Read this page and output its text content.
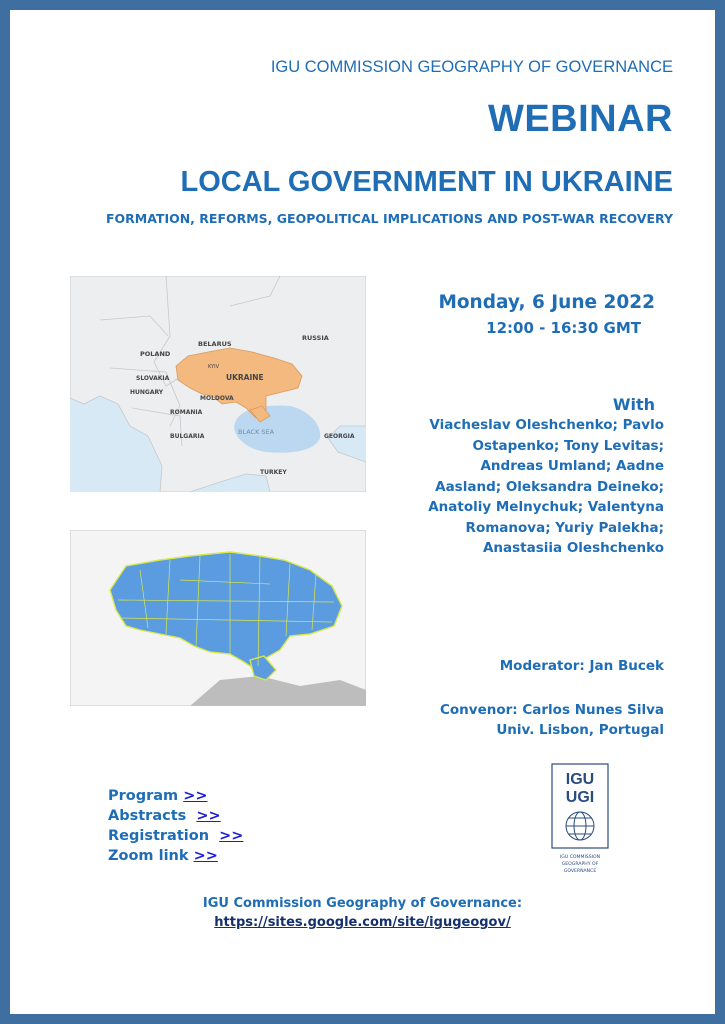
IGU COMMISSION GEOGRAPHY OF GOVERNANCE
WEBINAR
LOCAL GOVERNMENT IN UKRAINE
FORMATION, REFORMS, GEOPOLITICAL IMPLICATIONS AND POST-WAR RECOVERY
RUSSIA
BELARUS
POLAND
KYIV
UKRAINE
SLOVAKIA
HUNGARY
MOLDOVA
ROMANIA
BLACK SEA
BULGARIA	GEORGIA
TURKEY
Monday, 6 June 2022
12:00 - 16:30 GMT
With
Viacheslav Oleshchenko; Pavlo
Ostapenko; Tony Levitas;
Andreas Umland; Aadne
Aasland; Oleksandra Deineko;
Anatoliy Melnychuk; Valentyna
Romanova; Yuriy Palekha;
Anastasiia Oleshchenko
Moderator: Jan Bucek
Convenor: Carlos Nunes Silva
Univ. Lisbon, Portugal
Program >>
Abstracts  >>
Registration  >>
Zoom link >>
IGU
UGI
IGU COMMISSION
GEOGRAPHY OF
GOVERNANCE
IGU Commission Geography of Governance:
https://sites.google.com/site/igugeogov/
